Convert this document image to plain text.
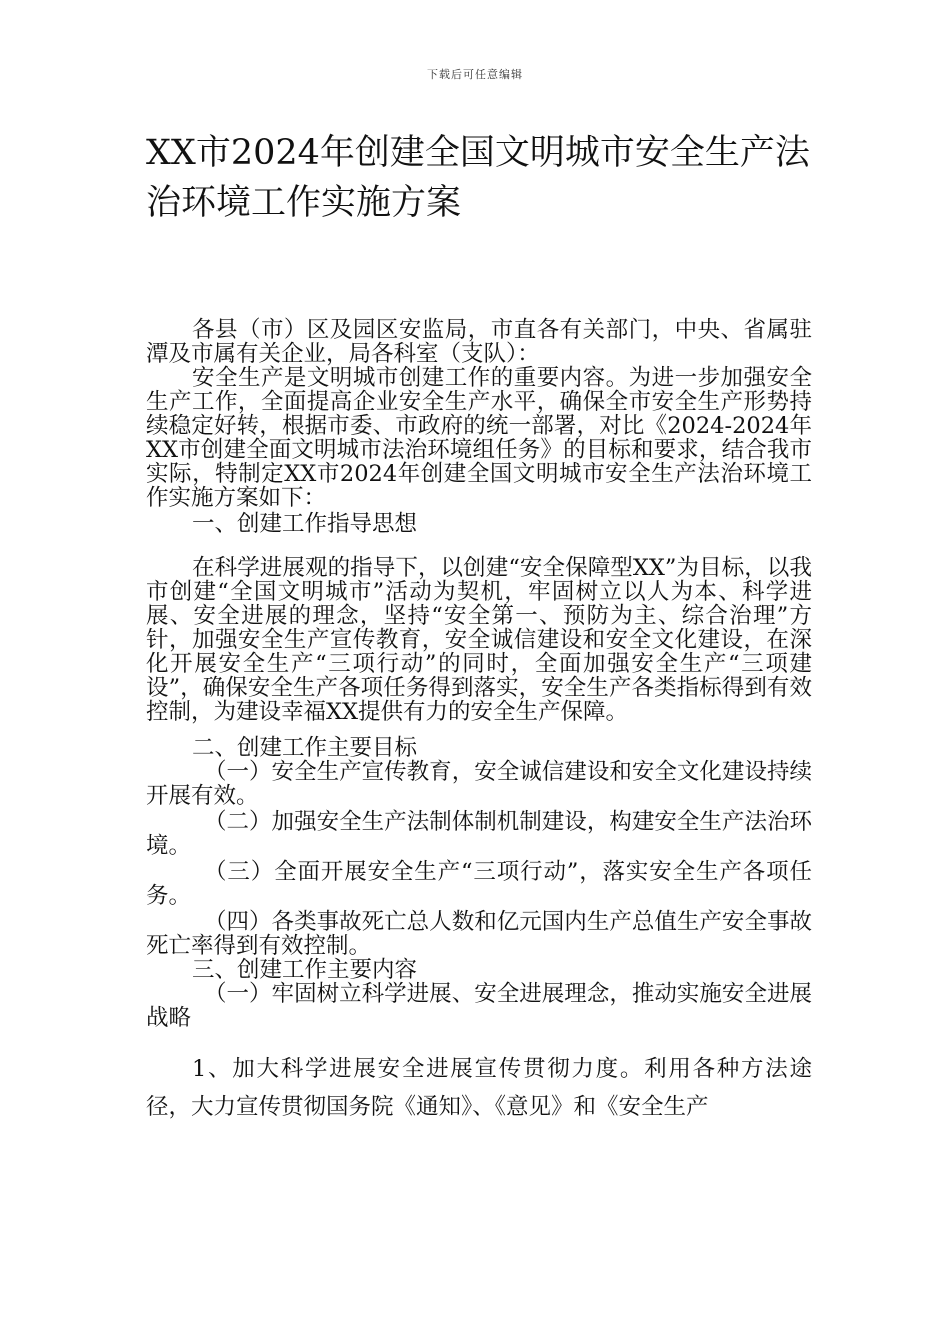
下载后可任意编辑
XX市2024年创建全国文明城市安全生产法治环境工作实施方案

各县（市）区及园区安监局，市直各有关部门，中央、省属驻潭及市属有关企业，局各科室（支队）：

安全生产是文明城市创建工作的重要内容。为进一步加强安全生产工作，全面提高企业安全生产水平，确保全市安全生产形势持续稳定好转，根据市委、市政府的统一部署，对比《2024-2024年XX市创建全面文明城市法治环境组任务》的目标和要求，结合我市实际，特制定XX市2024年创建全国文明城市安全生产法治环境工作实施方案如下：

一、创建工作指导思想

在科学进展观的指导下，以创建“安全保障型XX”为目标，以我市创建“全国文明城市”活动为契机，牢固树立以人为本、科学进展、安全进展的理念，坚持“安全第一、预防为主、综合治理”方针，加强安全生产宣传教育，安全诚信建设和安全文化建设，在深化开展安全生产“三项行动”的同时，全面加强安全生产“三项建设”，确保安全生产各项任务得到落实，安全生产各类指标得到有效控制，为建设幸福XX提供有力的安全生产保障。

二、创建工作主要目标

（一）安全生产宣传教育，安全诚信建设和安全文化建设持续开展有效。

（二）加强安全生产法制体制机制建设，构建安全生产法治环境。

（三）全面开展安全生产“三项行动”，落实安全生产各项任务。

（四）各类事故死亡总人数和亿元国内生产总值生产安全事故死亡率得到有效控制。

三、创建工作主要内容

（一）牢固树立科学进展、安全进展理念，推动实施安全进展战略

1、加大科学进展安全进展宣传贯彻力度。利用各种方法途径，大力宣传贯彻国务院《通知》、《意见》和《安全生产
